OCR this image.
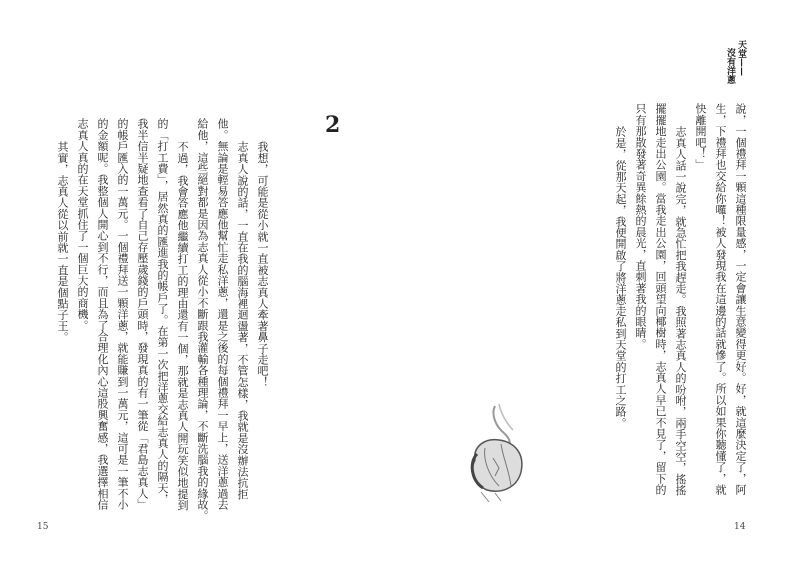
天堂——
沒有洋蔥
說，一個禮拜一顆這種限量感，一定會讓生意變得更好。好，就這麼決定了，阿
生，下禮拜也交給你囉！被人發現我在這邊的話就慘了。所以如果你聽懂了，就
快離開吧！」
志真人話一說完，就急忙把我趕走。我照著志真人的吩咐，兩手空空，搖搖
擺擺地走出公園。當我走出公園，回頭望向椰樹時，志真人早已不見了，留下的
只有那散發著奇異餘熱的晨光，直刺著我的眼睛。
於是，從那天起，我便開啟了將洋蔥走私到天堂的打工之路。
2
我想，可能是從小就一直被志真人牽著鼻子走吧！
志真人說的話，一直在我的腦海裡迴盪著，不管怎樣，我就是沒辦法抗拒
他。無論是輕易答應他幫忙走私洋蔥，還是之後的每個禮拜一早上，送洋蔥過去
給他，這些絕對都是因為志真人從小不斷跟我灌輸各種理論，不斷洗腦我的緣故。
不過，我會答應他繼續打工的理由還有一個，那就是志真人開玩笑似地提到
的「打工費」，居然真的匯進我的帳戶了。在第一次把洋蔥交給志真人的隔天，
我半信半疑地查看了自己存壓歲錢的戶頭時，發現真的有一筆從「君島志真人」
的帳戶匯入的一萬元。一個禮拜送一顆洋蔥，就能賺到一萬元，這可是一筆不小
的金額呢。我整個人開心到不行，而且為了合理化內心這股興奮感，我選擇相信
志真人真的在天堂抓住了一個巨大的商機。
其實，志真人從以前就一直是個點子王。
15	14
